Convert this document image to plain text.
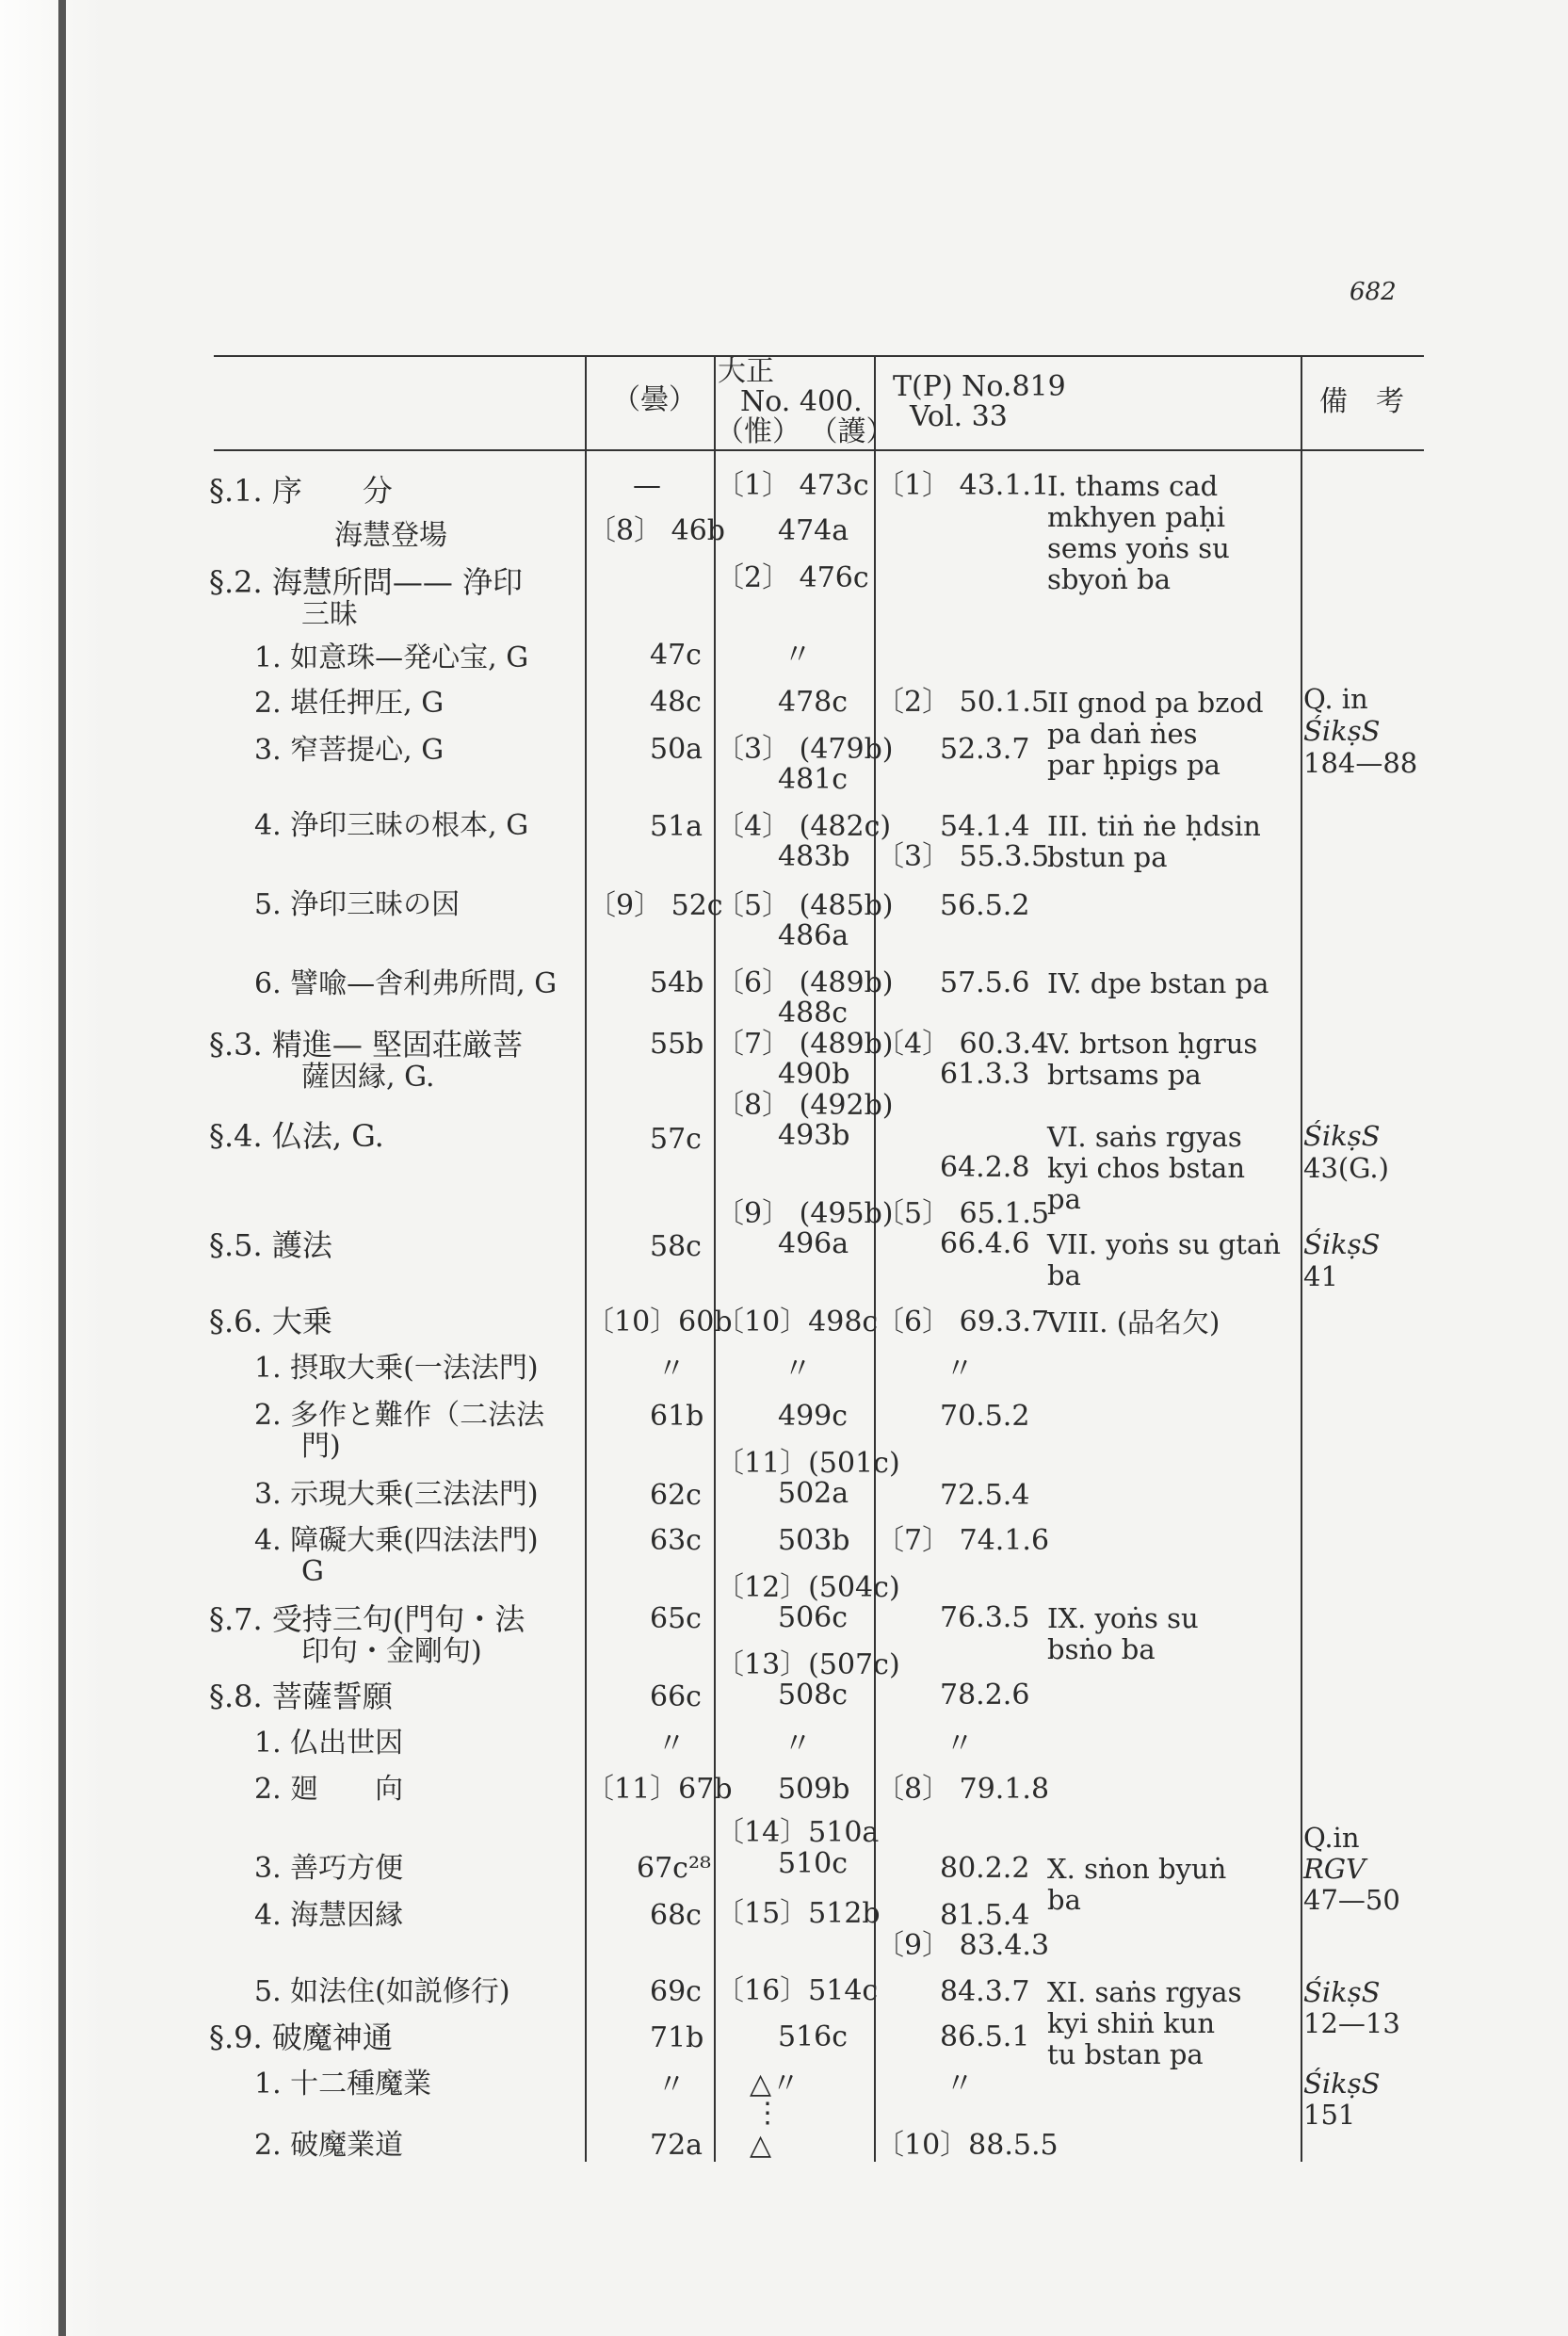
682
（曇）
大正
No. 400.
（惟） （護）
T(P) No.819
Vol. 33	備　考
§.1. 序　　分
海慧登場
§.2. 海慧所問—— 浄印
三昧
1. 如意珠—発心宝, G
2. 堪任押圧, G
3. 窄菩提心, G
4. 浄印三昧の根本, G
5. 浄印三昧の因
6. 譬喩—舎利弗所問, G
§.3. 精進— 堅固荘厳菩
薩因縁, G.
§.4. 仏法, G.
§.5. 護法
§.6. 大乗
1. 摂取大乗(一法法門)
2. 多作と難作（二法法
門)
3. 示現大乗(三法法門)
4. 障礙大乗(四法法門)
G
§.7. 受持三句(門句・法
印句・金剛句)
§.8. 菩薩誓願
1. 仏出世因
2. 廻　　向
3. 善巧方便
4. 海慧因縁
5. 如法住(如説修行)
§.9. 破魔神通
1. 十二種魔業
2. 破魔業道
—
〔8〕 46b
47c
48c
50a
51a
〔9〕 52c
54b
55b
57c
58c
〔10〕60b
〃
61b
62c
63c
65c
66c
〃
〔11〕67b
67c²⁸
68c
69c
71b
〃
72a
〔1〕 473c
474a
〔2〕 476c
〃
478c
〔3〕 (479b)
481c
〔4〕 (482c)
483b
〔5〕 (485b)
486a
〔6〕 (489b)
488c
〔7〕 (489b)
490b
〔8〕 (492b)
493b
〔9〕 (495b)
496a
〔10〕498c
〃
499c
〔11〕(501c)
502a
503b
〔12〕(504c)
506c
〔13〕(507c)
508c
〃
509b
〔14〕510a
510c
〔15〕512b
〔16〕514c
516c
△〃
⋮
△
〔1〕 43.1.1
〔2〕 50.1.5
52.3.7
54.1.4
〔3〕 55.3.5
56.5.2
57.5.6
〔4〕 60.3.4
61.3.3
64.2.8
〔5〕 65.1.5
66.4.6
〔6〕 69.3.7
〃
70.5.2
72.5.4
〔7〕 74.1.6
76.3.5
78.2.6
〃
〔8〕 79.1.8
80.2.2
81.5.4
〔9〕 83.4.3
84.3.7
86.5.1
〃
〔10〕88.5.5
I. thams cad
mkhyen paḥi
sems yoṅs su
sbyoṅ ba
II gnod pa bzod
pa daṅ ṅes
par ḥpigs pa
III. tiṅ ṅe ḥdsin
bstun pa
IV. dpe bstan pa
V. brtson ḥgrus
brtsams pa
VI. saṅs rgyas
kyi chos bstan
pa
VII. yoṅs su gtaṅ
ba
VIII. (品名欠)
IX. yoṅs su
bsṅo ba
X. sṅon byuṅ
ba
XI. saṅs rgyas
kyi shiṅ kun
tu bstan pa
Q. in
ŚikṣS
184—88
ŚikṣS
43(G.)
ŚikṣS
41
Q.in
RGV
47—50
ŚikṣS
12—13
ŚikṣS
151
